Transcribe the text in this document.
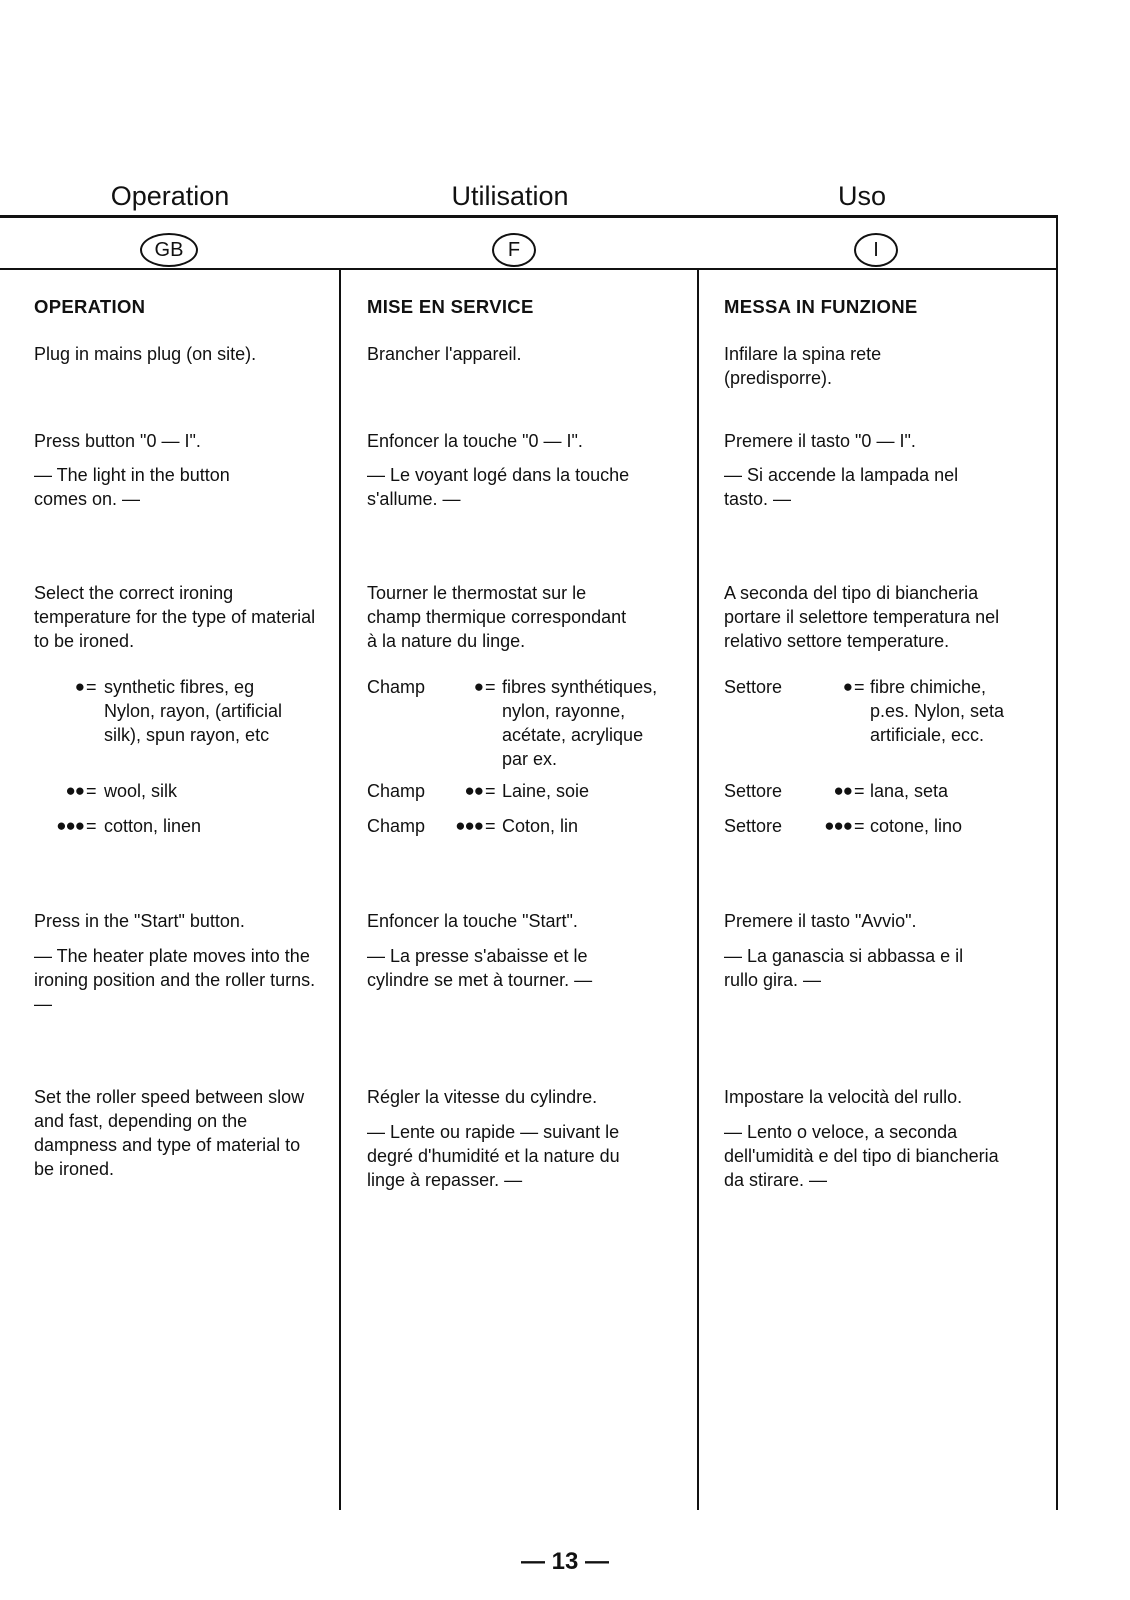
Operation	Utilisation	Uso
GB	F	I
OPERATION

Plug in mains plug (on site).

Press button "0 — I".

— The light in the button comes on. —

Select the correct ironing temperature for the type of material to be ironed.

● = synthetic fibres, eg Nylon, rayon, (artificial silk), spun rayon, etc
●● = wool, silk
●●● = cotton, linen

Press in the "Start" button.

— The heater plate moves into the ironing position and the roller turns. —

Set the roller speed between slow and fast, depending on the dampness and type of material to be ironed.

MISE EN SERVICE

Brancher l'appareil.

Enfoncer la touche "0 — I".

— Le voyant logé dans la touche s'allume. —

Tourner le thermostat sur le champ thermique correspondant à la nature du linge.

Champ	● = fibres synthétiques, nylon, rayonne, acétate, acrylique par ex.
Champ	●● = Laine, soie
Champ	●●● = Coton, lin

Enfoncer la touche "Start".

— La presse s'abaisse et le cylindre se met à tourner. —

Régler la vitesse du cylindre.

— Lente ou rapide — suivant le degré d'humidité et la nature du linge à repasser. —

MESSA IN FUNZIONE

Infilare la spina rete (predisporre).

Premere il tasto "0 — I".

— Si accende la lampada nel tasto. —

A seconda del tipo di biancheria portare il selettore temperatura nel relativo settore temperature.

Settore	● = fibre chimiche, p.es. Nylon, seta artificiale, ecc.
Settore	●● = lana, seta
Settore	●●● = cotone, lino

Premere il tasto "Avvio".

— La ganascia si abbassa e il rullo gira. —

Impostare la velocità del rullo.

— Lento o veloce, a seconda dell'umidità e del tipo di biancheria da stirare. —

— 13 —
